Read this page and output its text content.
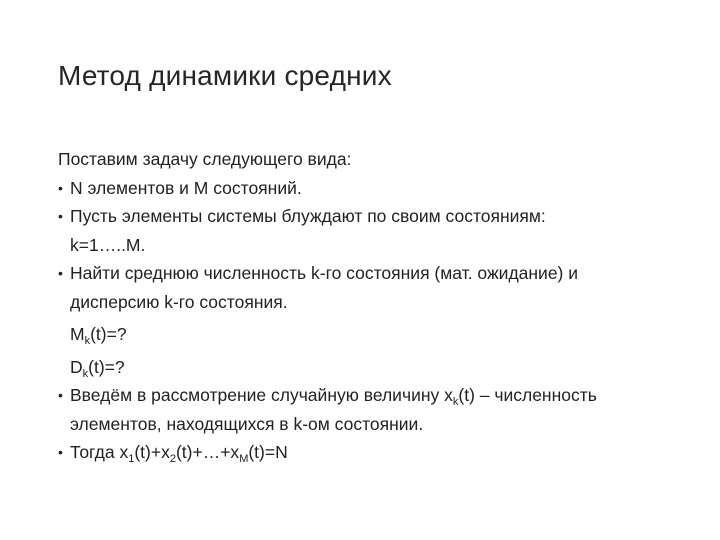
Метод динамики средних
Поставим задачу следующего вида:
• N элементов и M состояний.
• Пусть элементы системы блуждают по своим состояниям:
k=1…..M.
• Найти среднюю численность k-го состояния (мат. ожидание) и
дисперсию k-го состояния.
$M_k(t)=$?
$D_k(t)=$?
• Введём в рассмотрение случайную величину $x_k(t)$ – численность
элементов, находящихся в k-ом состоянии.
• Тогда $x_1(t)+x_2(t)+\dots+x_M(t)=N$
